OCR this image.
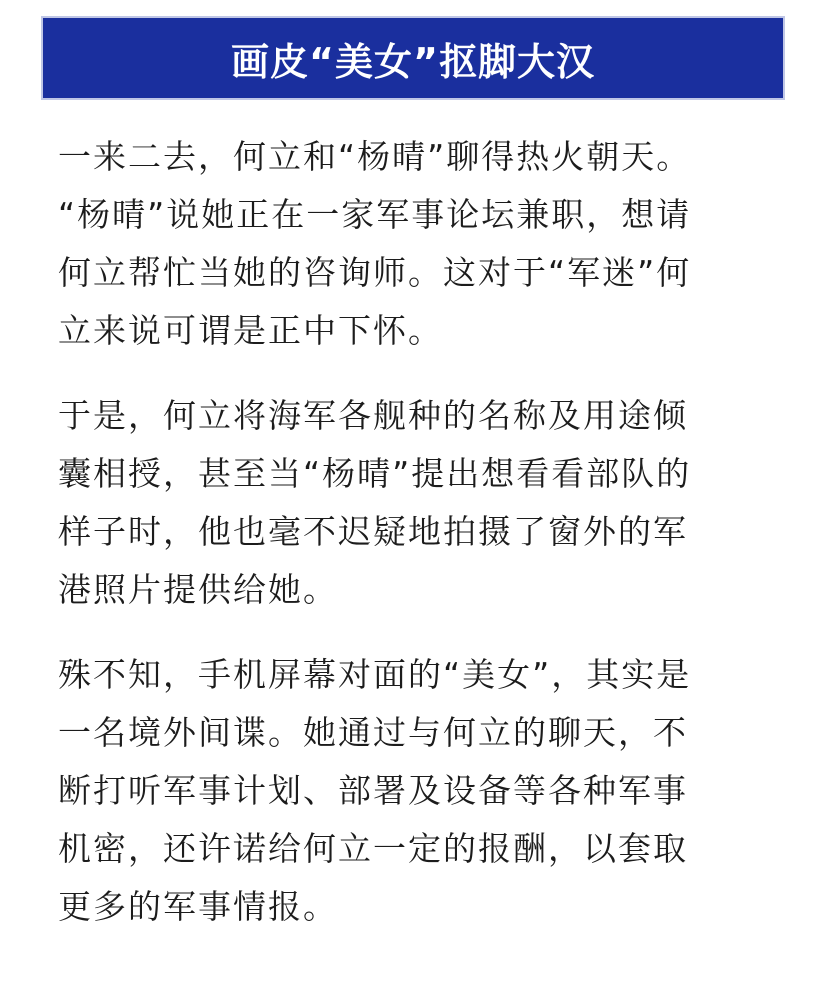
画皮“美女”抠脚大汉

一来二去，何立和“杨晴”聊得热火朝天。
“杨晴”说她正在一家军事论坛兼职，想请
何立帮忙当她的咨询师。这对于“军迷”何
立来说可谓是正中下怀。

于是，何立将海军各舰种的名称及用途倾
囊相授，甚至当“杨晴”提出想看看部队的
样子时，他也毫不迟疑地拍摄了窗外的军
港照片提供给她。

殊不知，手机屏幕对面的“美女”，其实是
一名境外间谍。她通过与何立的聊天，不
断打听军事计划、部署及设备等各种军事
机密，还许诺给何立一定的报酬，以套取
更多的军事情报。
